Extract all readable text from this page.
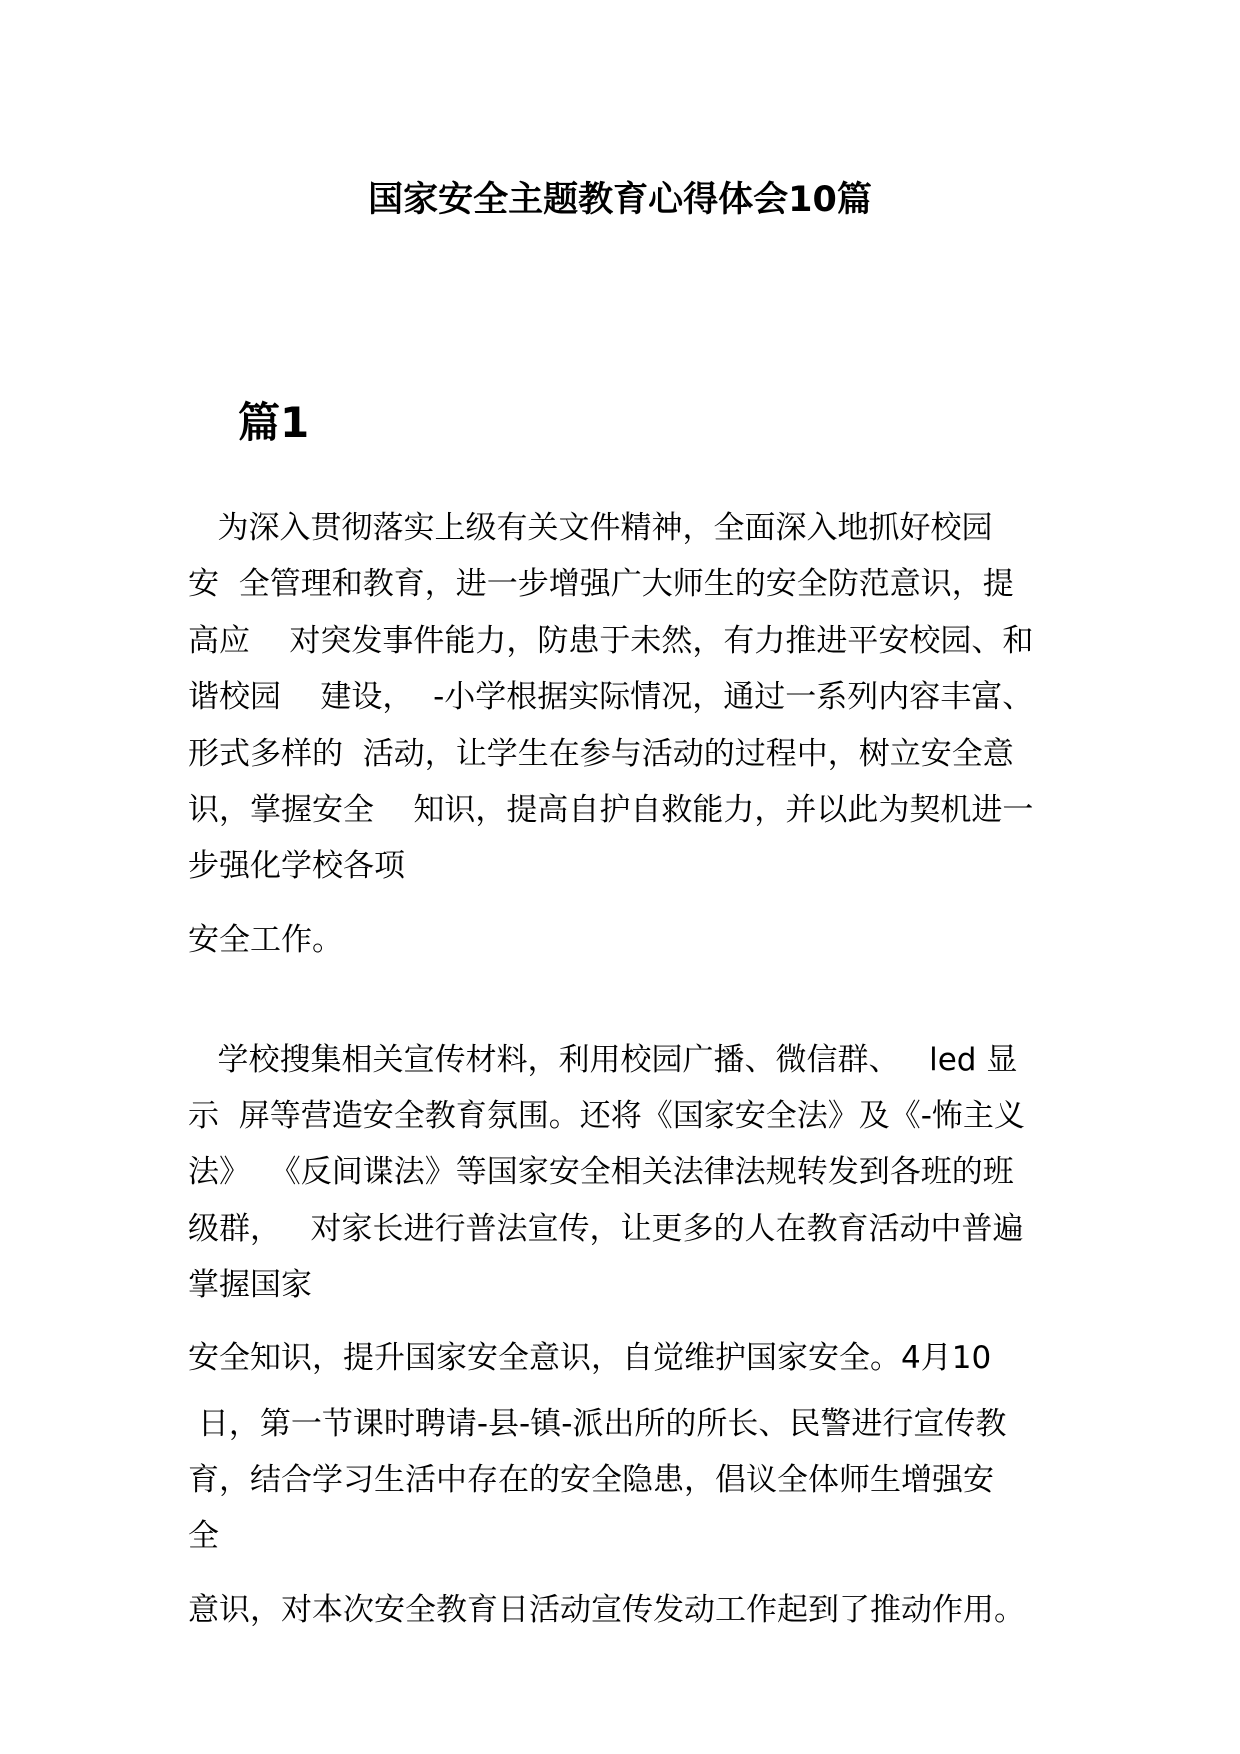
国家安全主题教育心得体会10篇
篇1
为深入贯彻落实上级有关文件精神，全面深入地抓好校园
安  全管理和教育，进一步增强广大师生的安全防范意识，提
高应    对突发事件能力，防患于未然，有力推进平安校园、和
谐校园    建设，  -小学根据实际情况，通过一系列内容丰富、
形式多样的  活动，让学生在参与活动的过程中，树立安全意
识，掌握安全    知识，提高自护自救能力，并以此为契机进一
步强化学校各项
安全工作。
学校搜集相关宣传材料，利用校园广播、微信群、   led 显
示  屏等营造安全教育氛围。还将《国家安全法》及《-怖主义
法》  《反间谍法》等国家安全相关法律法规转发到各班的班
级群，   对家长进行普法宣传，让更多的人在教育活动中普遍
掌握国家
安全知识，提升国家安全意识，自觉维护国家安全。4月10
日，第一节课时聘请-县-镇-派出所的所长、民警进行宣传教
育，结合学习生活中存在的安全隐患，倡议全体师生增强安
全
意识，对本次安全教育日活动宣传发动工作起到了推动作用。
